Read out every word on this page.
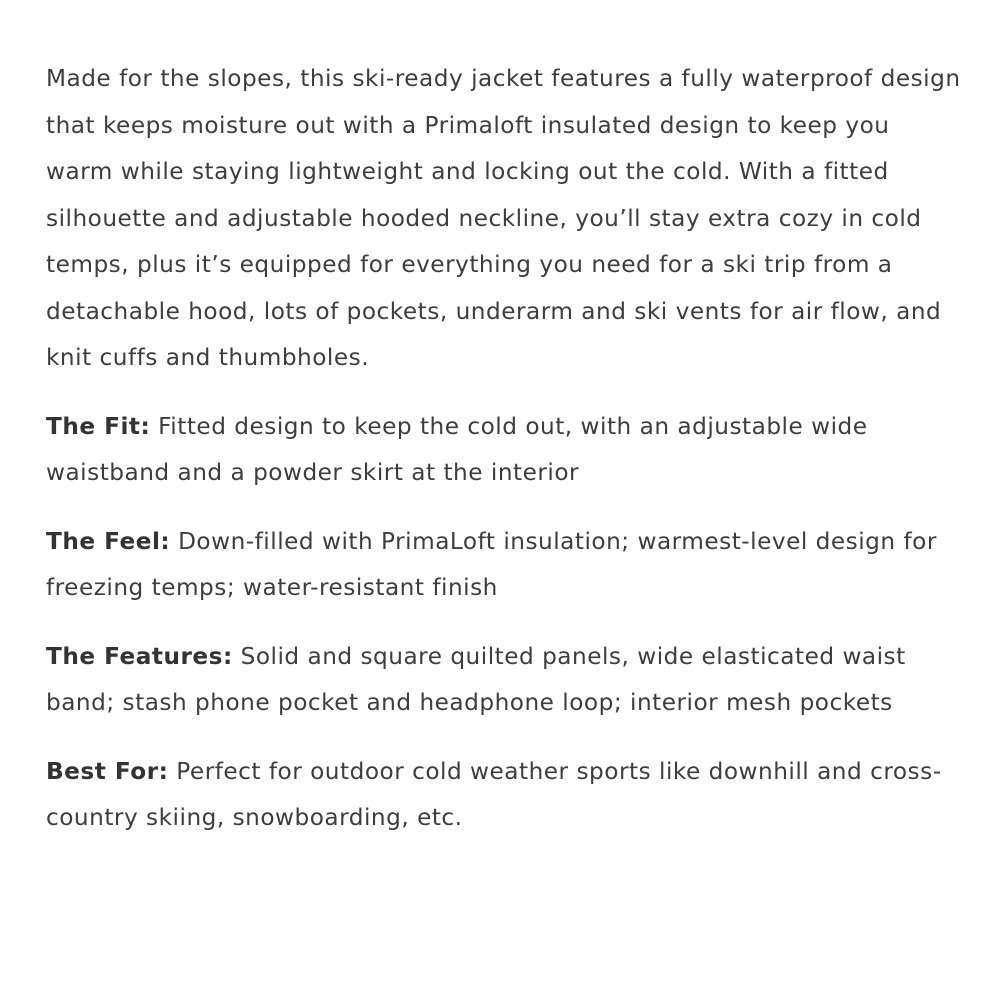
Made for the slopes, this ski-ready jacket features a fully waterproof design that keeps moisture out with a Primaloft insulated design to keep you warm while staying lightweight and locking out the cold. With a fitted silhouette and adjustable hooded neckline, you’ll stay extra cozy in cold temps, plus it’s equipped for everything you need for a ski trip from a detachable hood, lots of pockets, underarm and ski vents for air flow, and knit cuffs and thumbholes.

The Fit: Fitted design to keep the cold out, with an adjustable wide waistband and a powder skirt at the interior

The Feel: Down-filled with PrimaLoft insulation; warmest-level design for freezing temps; water-resistant finish

The Features: Solid and square quilted panels, wide elasticated waist band; stash phone pocket and headphone loop; interior mesh pockets

Best For: Perfect for outdoor cold weather sports like downhill and cross-country skiing, snowboarding, etc.
